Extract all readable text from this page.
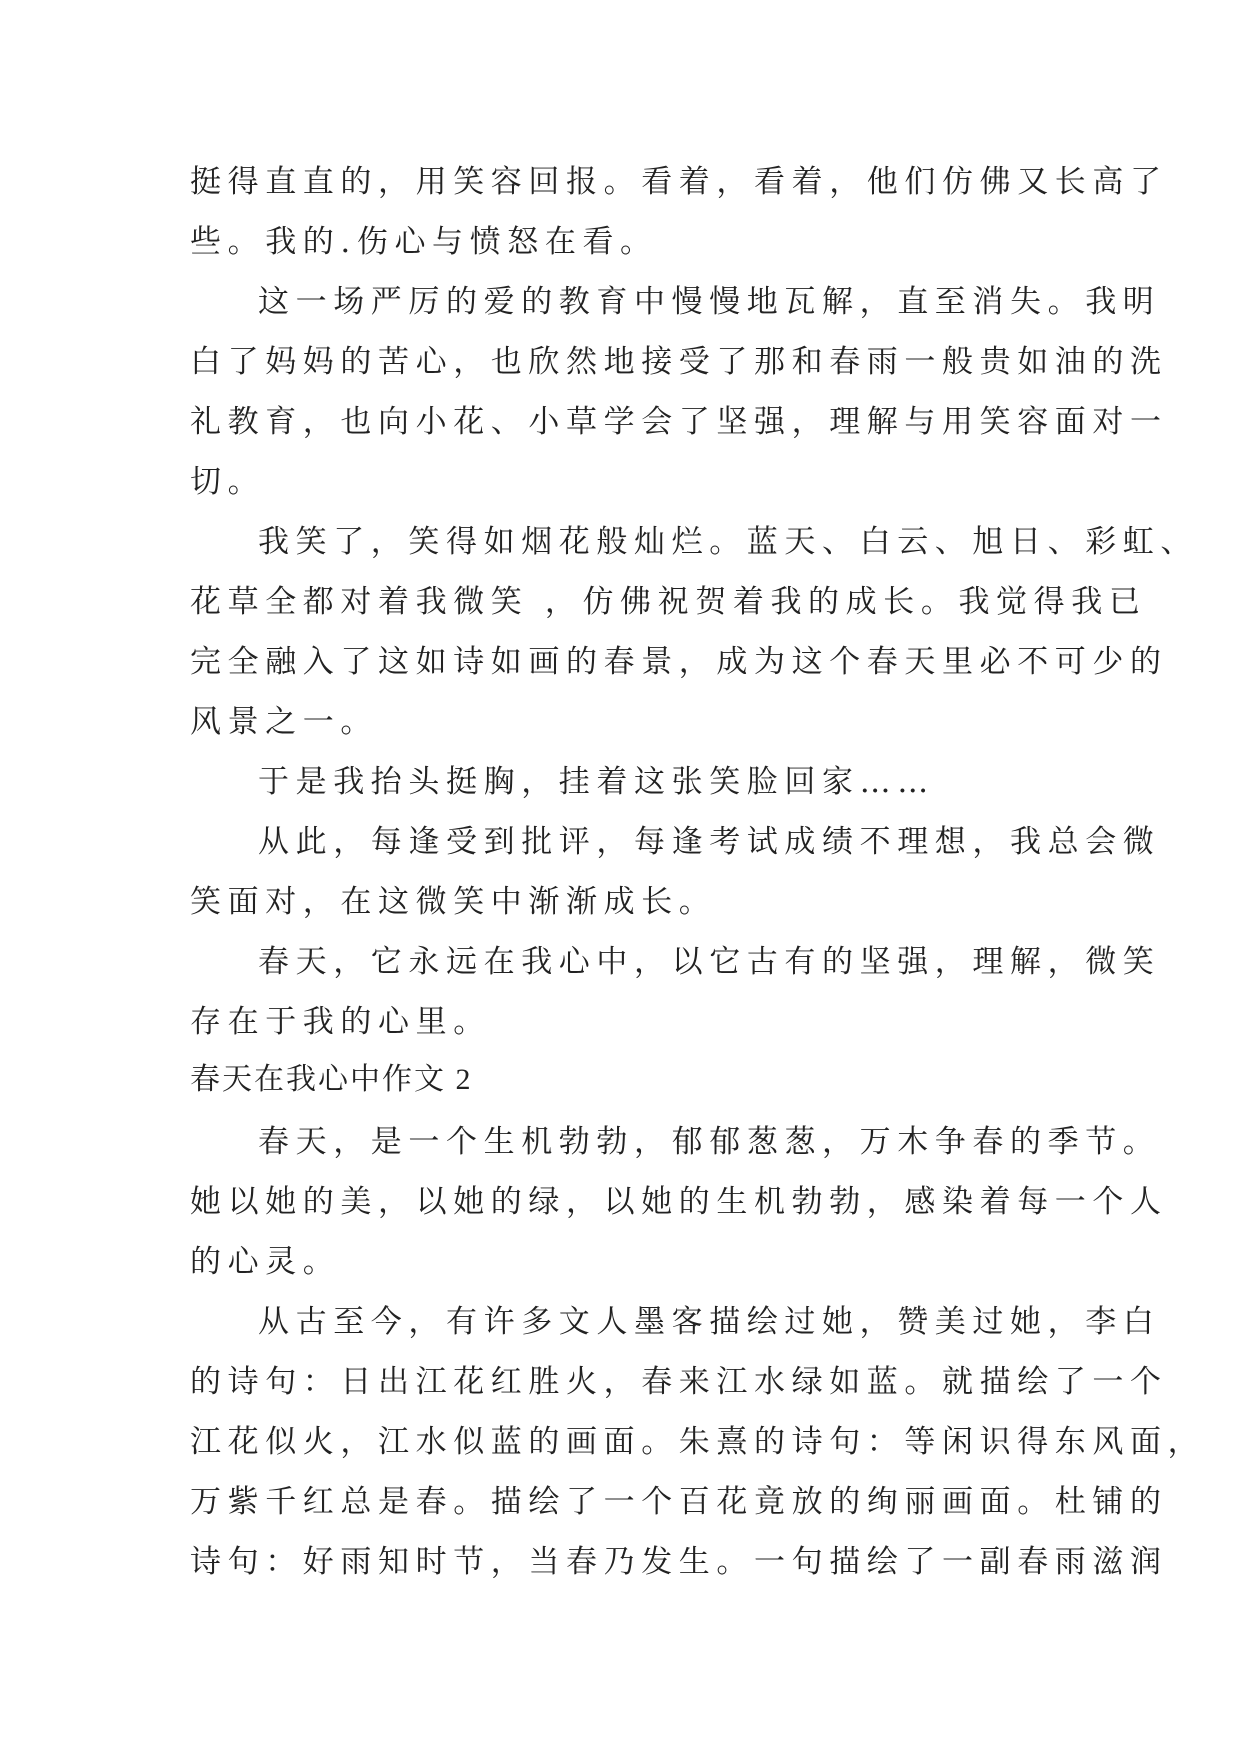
挺得直直的，用笑容回报。看着，看着，他们仿佛又长高了
些。我的.伤心与愤怒在看。
这一场严厉的爱的教育中慢慢地瓦解，直至消失。我明
白了妈妈的苦心，也欣然地接受了那和春雨一般贵如油的洗
礼教育，也向小花、小草学会了坚强，理解与用笑容面对一
切。
我笑了，笑得如烟花般灿烂。蓝天、白云、旭日、彩虹、
花草全都对着我微笑 ，仿佛祝贺着我的成长。我觉得我已
完全融入了这如诗如画的春景，成为这个春天里必不可少的
风景之一。
于是我抬头挺胸，挂着这张笑脸回家……
从此，每逢受到批评，每逢考试成绩不理想，我总会微
笑面对，在这微笑中渐渐成长。
春天，它永远在我心中，以它古有的坚强，理解，微笑
存在于我的心里。
春天在我心中作文 2
春天，是一个生机勃勃，郁郁葱葱，万木争春的季节。
她以她的美，以她的绿，以她的生机勃勃，感染着每一个人
的心灵。
从古至今，有许多文人墨客描绘过她，赞美过她，李白
的诗句：日出江花红胜火，春来江水绿如蓝。就描绘了一个
江花似火，江水似蓝的画面。朱熹的诗句：等闲识得东风面，
万紫千红总是春。描绘了一个百花竟放的绚丽画面。杜铺的
诗句：好雨知时节，当春乃发生。一句描绘了一副春雨滋润
